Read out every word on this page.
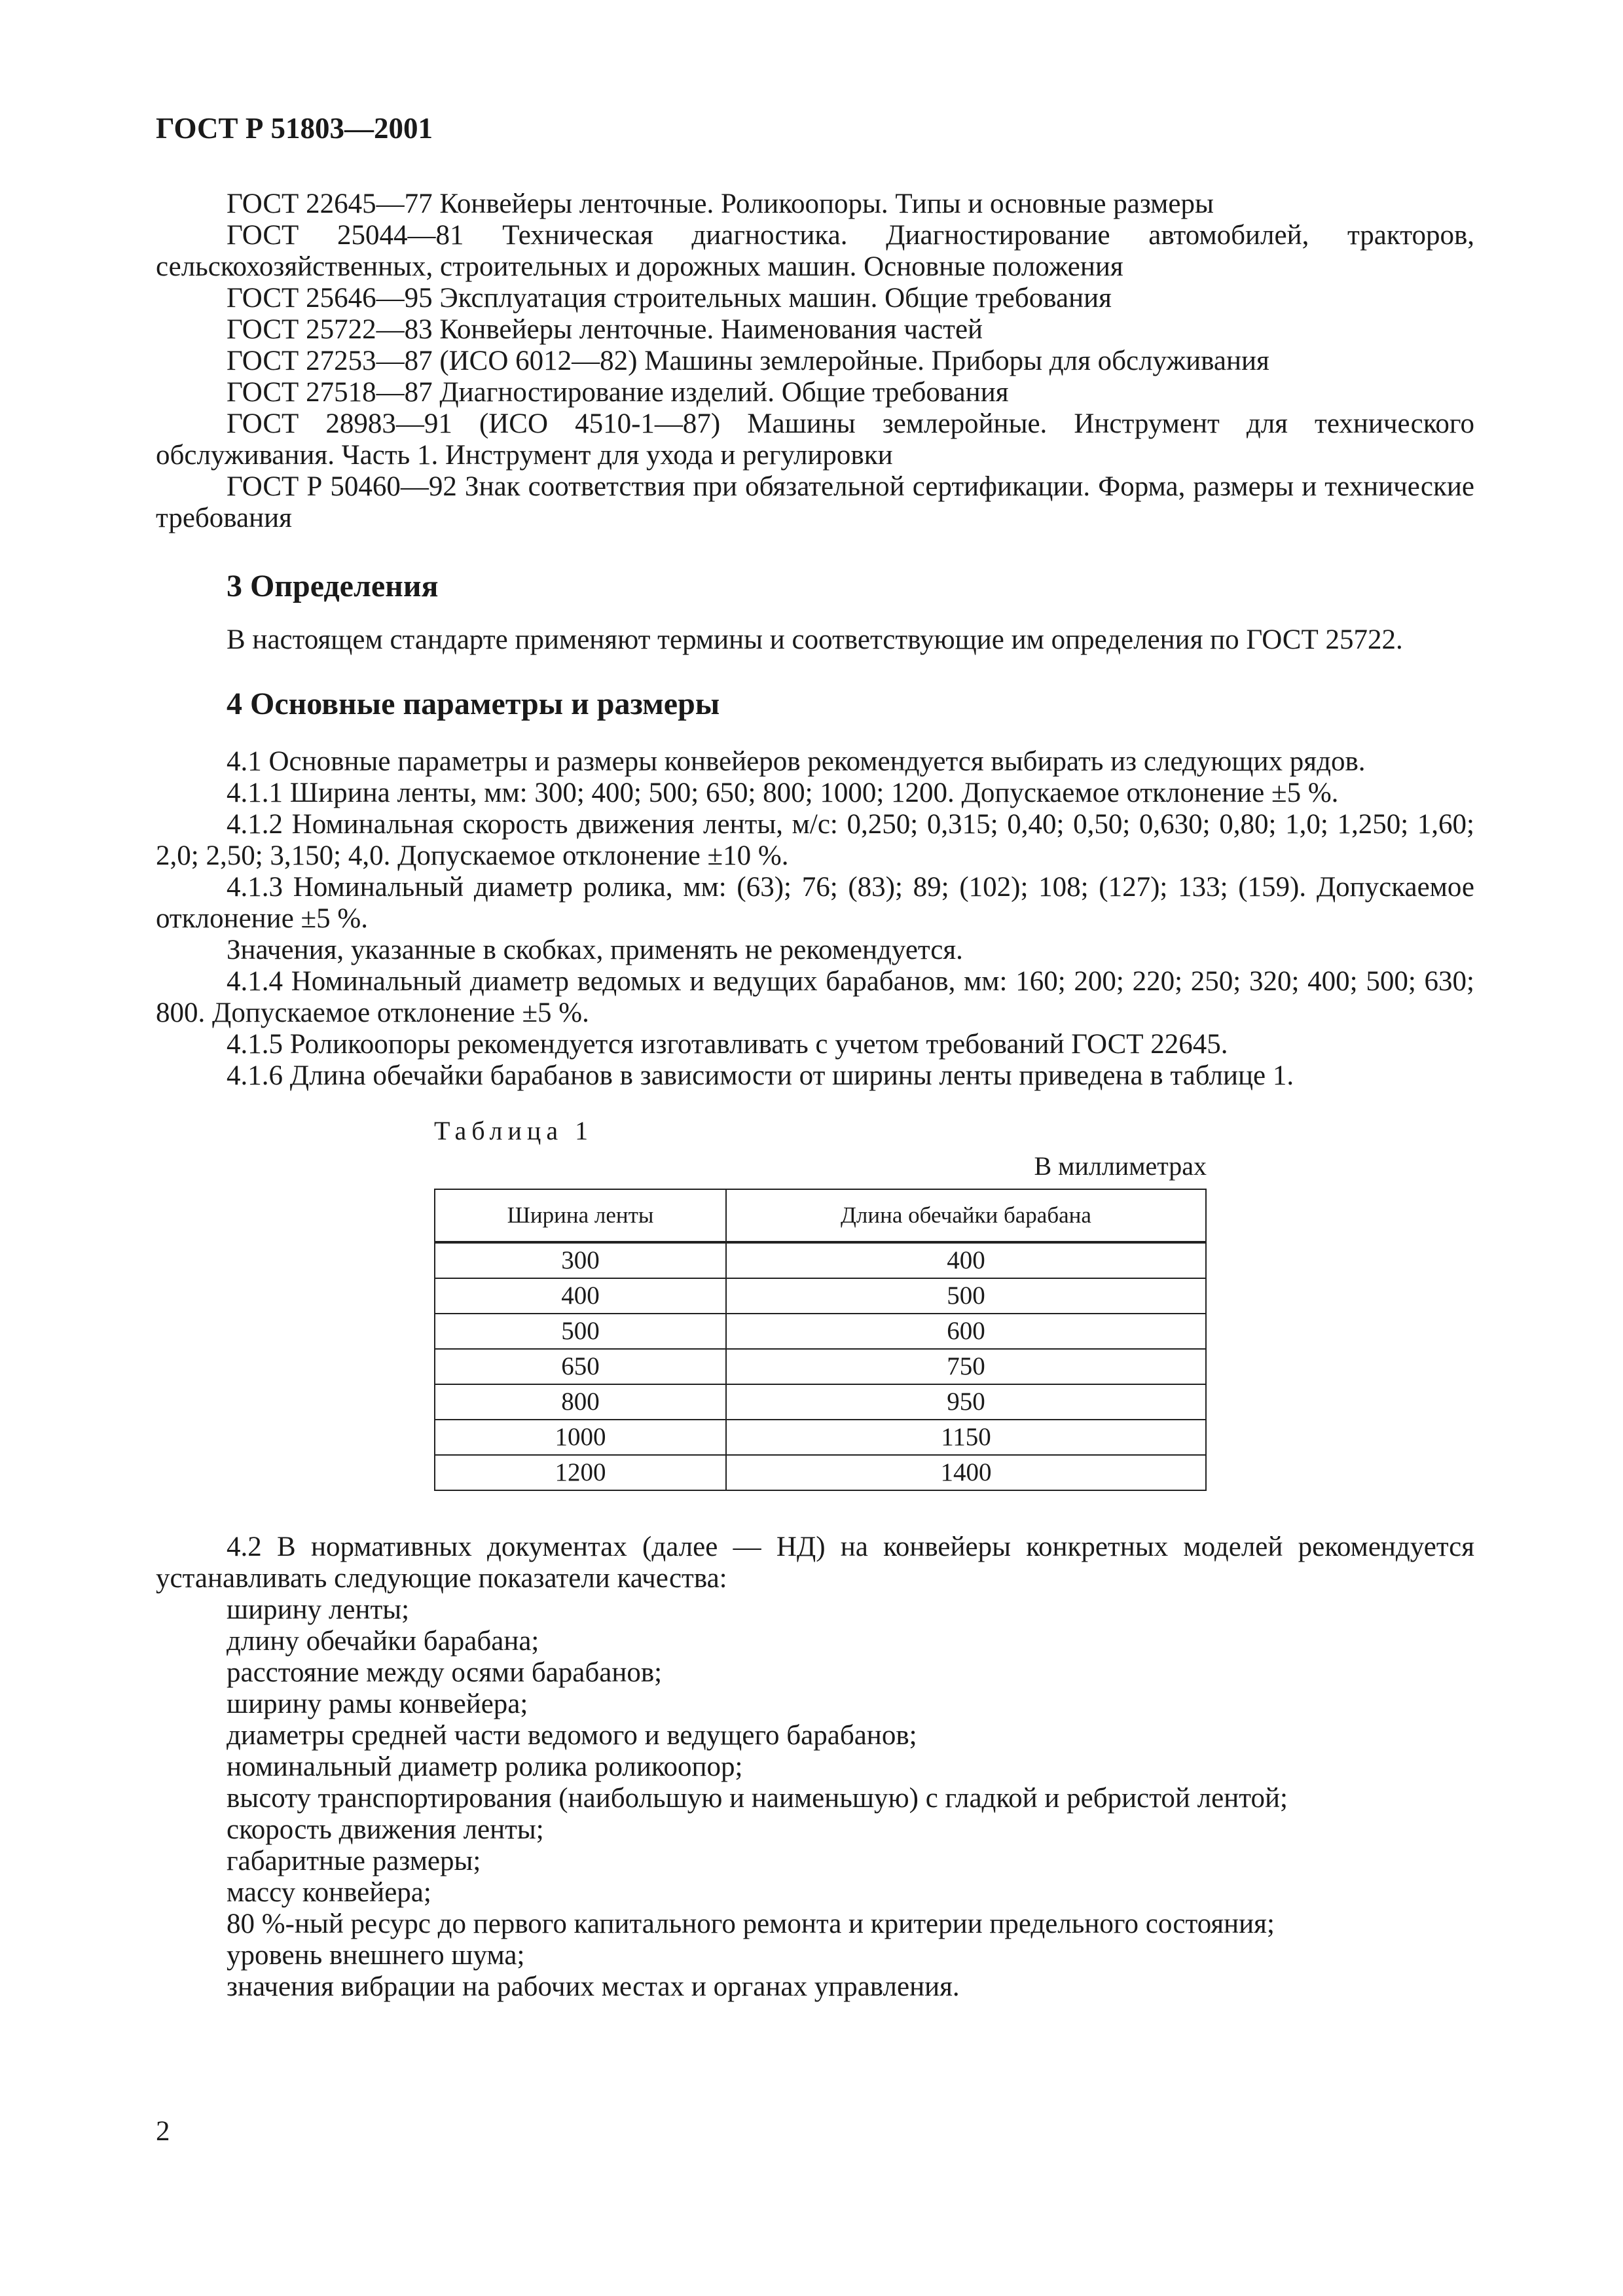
ГОСТ Р 51803—2001

ГОСТ 22645—77 Конвейеры ленточные. Роликоопоры. Типы и основные размеры

ГОСТ 25044—81 Техническая диагностика. Диагностирование автомобилей, тракторов, сельскохозяйственных, строительных и дорожных машин. Основные положения

ГОСТ 25646—95 Эксплуатация строительных машин. Общие требования

ГОСТ 25722—83 Конвейеры ленточные. Наименования частей

ГОСТ 27253—87 (ИСО 6012—82) Машины землеройные. Приборы для обслуживания

ГОСТ 27518—87 Диагностирование изделий. Общие требования

ГОСТ 28983—91 (ИСО 4510-1—87) Машины землеройные. Инструмент для технического обслуживания. Часть 1. Инструмент для ухода и регулировки

ГОСТ Р 50460—92 Знак соответствия при обязательной сертификации. Форма, размеры и технические требования

3 Определения

В настоящем стандарте применяют термины и соответствующие им определения по ГОСТ 25722.

4 Основные параметры и размеры

4.1 Основные параметры и размеры конвейеров рекомендуется выбирать из следующих рядов.

4.1.1 Ширина ленты, мм: 300; 400; 500; 650; 800; 1000; 1200. Допускаемое отклонение ±5 %.

4.1.2 Номинальная скорость движения ленты, м/с: 0,250; 0,315; 0,40; 0,50; 0,630; 0,80; 1,0; 1,250; 1,60; 2,0; 2,50; 3,150; 4,0. Допускаемое отклонение ±10 %.

4.1.3 Номинальный диаметр ролика, мм: (63); 76; (83); 89; (102); 108; (127); 133; (159). Допускаемое отклонение ±5 %.

Значения, указанные в скобках, применять не рекомендуется.

4.1.4 Номинальный диаметр ведомых и ведущих барабанов, мм: 160; 200; 220; 250; 320; 400; 500; 630; 800. Допускаемое отклонение ±5 %.

4.1.5 Роликоопоры рекомендуется изготавливать с учетом требований ГОСТ 22645.

4.1.6 Длина обечайки барабанов в зависимости от ширины ленты приведена в таблице 1.

Таблица 1

В миллиметрах

Ширина ленты	Длина обечайки барабана
300	400
400	500
500	600
650	750
800	950
1000	1150
1200	1400

4.2 В нормативных документах (далее — НД) на конвейеры конкретных моделей рекомендуется устанавливать следующие показатели качества:

ширину ленты;
длину обечайки барабана;
расстояние между осями барабанов;
ширину рамы конвейера;
диаметры средней части ведомого и ведущего барабанов;
номинальный диаметр ролика роликоопор;
высоту транспортирования (наибольшую и наименьшую) с гладкой и ребристой лентой;
скорость движения ленты;
габаритные размеры;
массу конвейера;
80 %-ный ресурс до первого капитального ремонта и критерии предельного состояния;
уровень внешнего шума;
значения вибрации на рабочих местах и органах управления.

2
